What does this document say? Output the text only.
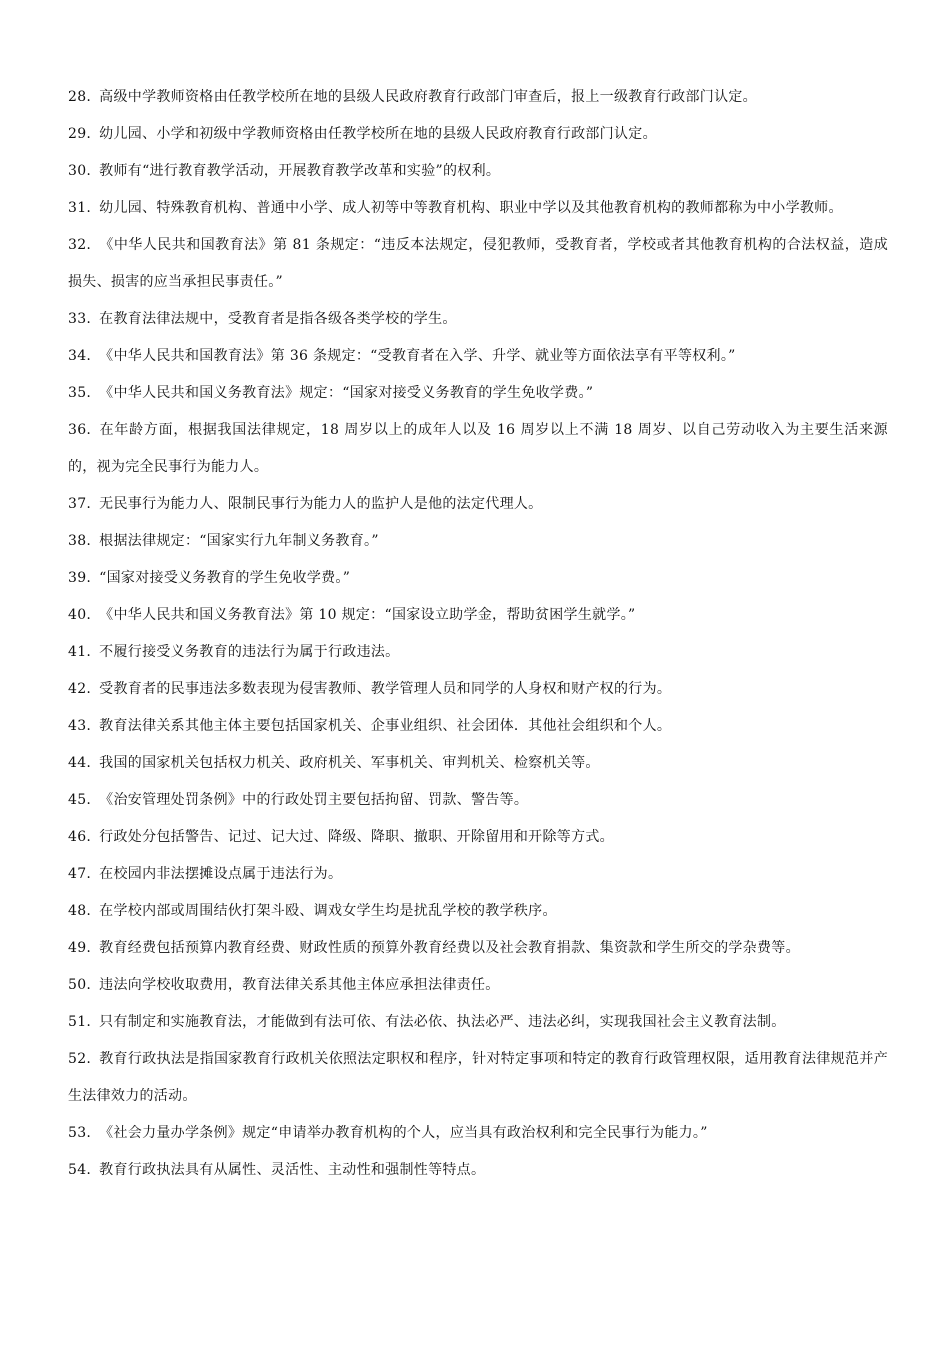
28. 高级中学教师资格由任教学校所在地的县级人民政府教育行政部门审查后，报上一级教育行政部门认定。

29. 幼儿园、小学和初级中学教师资格由任教学校所在地的县级人民政府教育行政部门认定。

30. 教师有“进行教育教学活动，开展教育教学改革和实验”的权利。

31. 幼儿园、特殊教育机构、普通中小学、成人初等中等教育机构、职业中学以及其他教育机构的教师都称为中小学教师。

32. 《中华人民共和国教育法》第 81 条规定：“违反本法规定，侵犯教师，受教育者，学校或者其他教育机构的合法权益，造成损失、损害的应当承担民事责任。”

33. 在教育法律法规中，受教育者是指各级各类学校的学生。

34. 《中华人民共和国教育法》第 36 条规定：“受教育者在入学、升学、就业等方面依法享有平等权利。”

35. 《中华人民共和国义务教育法》规定：“国家对接受义务教育的学生免收学费。”

36. 在年龄方面，根据我国法律规定，18 周岁以上的成年人以及 16 周岁以上不满 18 周岁、以自己劳动收入为主要生活来源的，视为完全民事行为能力人。

37. 无民事行为能力人、限制民事行为能力人的监护人是他的法定代理人。

38. 根据法律规定：“国家实行九年制义务教育。”

39. “国家对接受义务教育的学生免收学费。”

40. 《中华人民共和国义务教育法》第 10 规定：“国家设立助学金，帮助贫困学生就学。”

41. 不履行接受义务教育的违法行为属于行政违法。

42. 受教育者的民事违法多数表现为侵害教师、教学管理人员和同学的人身权和财产权的行为。

43. 教育法律关系其他主体主要包括国家机关、企事业组织、社会团体．其他社会组织和个人。

44. 我国的国家机关包括权力机关、政府机关、军事机关、审判机关、检察机关等。

45. 《治安管理处罚条例》中的行政处罚主要包括拘留、罚款、警告等。

46. 行政处分包括警告、记过、记大过、降级、降职、撤职、开除留用和开除等方式。

47. 在校园内非法摆摊设点属于违法行为。

48. 在学校内部或周围结伙打架斗殴、调戏女学生均是扰乱学校的教学秩序。

49. 教育经费包括预算内教育经费、财政性质的预算外教育经费以及社会教育捐款、集资款和学生所交的学杂费等。

50. 违法向学校收取费用，教育法律关系其他主体应承担法律责任。

51. 只有制定和实施教育法，才能做到有法可依、有法必依、执法必严、违法必纠，实现我国社会主义教育法制。

52. 教育行政执法是指国家教育行政机关依照法定职权和程序，针对特定事项和特定的教育行政管理权限，适用教育法律规范并产生法律效力的活动。

53. 《社会力量办学条例》规定“申请举办教育机构的个人，应当具有政治权利和完全民事行为能力。”

54. 教育行政执法具有从属性、灵活性、主动性和强制性等特点。
